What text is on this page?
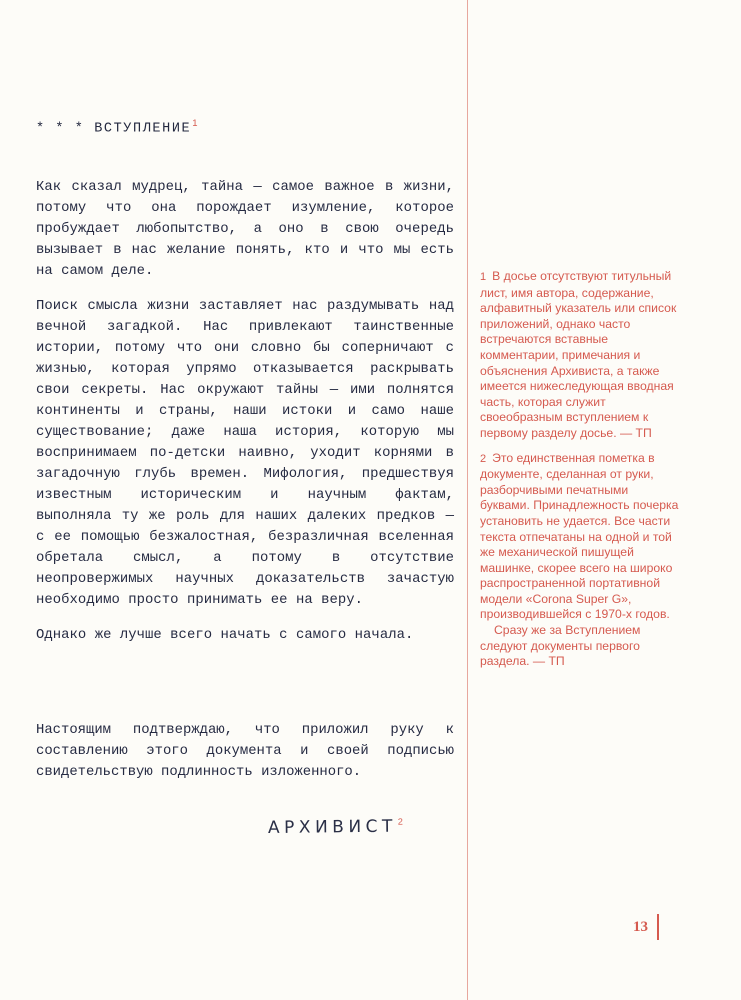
* * * ВСТУПЛЕНИЕ$^1$

Как сказал мудрец, тайна — самое важное в жизни, потому что она порождает изумление, которое пробуждает любопытство, а оно в свою очередь вызывает в нас желание понять, кто и что мы есть на самом деле.

Поиск смысла жизни заставляет нас раздумывать над вечной загадкой. Нас привлекают таинственные истории, потому что они словно бы соперничают с жизнью, которая упрямо отказывается раскрывать свои секреты. Нас окружают тайны — ими полнятся континенты и страны, наши истоки и само наше существование; даже наша история, которую мы воспринимаем по-детски наивно, уходит корнями в загадочную глубь времен. Мифология, предшествуя известным историческим и научным фактам, выполняла ту же роль для наших далеких предков — с ее помощью безжалостная, безразличная вселенная обретала смысл, а потому в отсутствие неопровержимых научных доказательств зачастую необходимо просто принимать ее на веру.

Однако же лучше всего начать с самого начала.

Настоящим подтверждаю, что приложил руку к составлению этого документа и своей подписью свидетельствую подлинность изложенного.

АРХИВИСТ$^2$
1 В досье отсутствуют титульный лист, имя автора, содержание, алфавитный указатель или список приложений, однако часто встречаются вставные комментарии, примечания и объяснения Архивиста, а также имеется нижеследующая вводная часть, которая служит своеобразным вступлением к первому разделу досье. — ТП
2 Это единственная пометка в документе, сделанная от руки, разборчивыми печатными буквами. Принадлежность почерка установить не удается. Все части текста отпечатаны на одной и той же механической пишущей машинке, скорее всего на широко распространенной портативной модели «Corona Super G», производившейся с 1970-х годов.
Сразу же за Вступлением следуют документы первого раздела. — ТП
13
